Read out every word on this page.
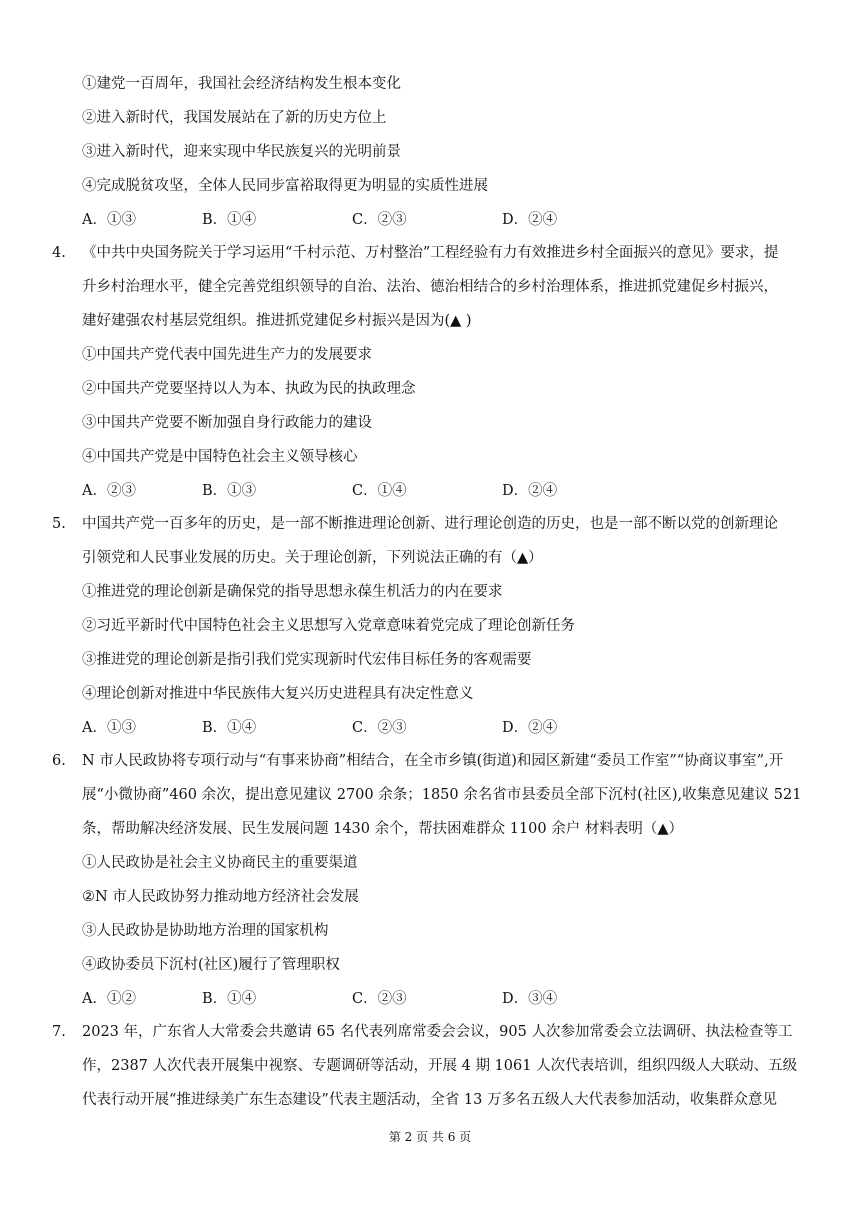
①建党一百周年，我国社会经济结构发生根本变化
②进入新时代，我国发展站在了新的历史方位上
③进入新时代，迎来实现中华民族复兴的光明前景
④完成脱贫攻坚，全体人民同步富裕取得更为明显的实质性进展
A．①③	B．①④	C．②③	D．②④
4. 《中共中央国务院关于学习运用“千村示范、万村整治”工程经验有力有效推进乡村全面振兴的意见》要求，提
升乡村治理水平，健全完善党组织领导的自治、法治、德治相结合的乡村治理体系，推进抓党建促乡村振兴，
建好建强农村基层党组织。推进抓党建促乡村振兴是因为(▲ )
①中国共产党代表中国先进生产力的发展要求
②中国共产党要坚持以人为本、执政为民的执政理念
③中国共产党要不断加强自身行政能力的建设
④中国共产党是中国特色社会主义领导核心
A．②③	B．①③	C．①④	D．②④
5. 中国共产党一百多年的历史，是一部不断推进理论创新、进行理论创造的历史，也是一部不断以党的创新理论
引领党和人民事业发展的历史。关于理论创新，下列说法正确的有（▲）
①推进党的理论创新是确保党的指导思想永葆生机活力的内在要求
②习近平新时代中国特色社会主义思想写入党章意味着党完成了理论创新任务
③推进党的理论创新是指引我们党实现新时代宏伟目标任务的客观需要
④理论创新对推进中华民族伟大复兴历史进程具有决定性意义
A．①③	B．①④	C．②③	D．②④
6. N 市人民政协将专项行动与“有事来协商”相结合，在全市乡镇(街道)和园区新建“委员工作室”“协商议事室”,开
展“小微协商”460 余次，提出意见建议 2700 余条；1850 余名省市县委员全部下沉村(社区),收集意见建议 521
条，帮助解决经济发展、民生发展问题 1430 余个，帮扶困难群众 1100 余户 材料表明（▲）
①人民政协是社会主义协商民主的重要渠道
②N 市人民政协努力推动地方经济社会发展
③人民政协是协助地方治理的国家机构
④政协委员下沉村(社区)履行了管理职权
A．①②	B．①④	C．②③	D．③④
7. 2023 年，广东省人大常委会共邀请 65 名代表列席常委会会议，905 人次参加常委会立法调研、执法检查等工
作，2387 人次代表开展集中视察、专题调研等活动，开展 4 期 1061 人次代表培训，组织四级人大联动、五级
代表行动开展“推进绿美广东生态建设”代表主题活动，全省 13 万多名五级人大代表参加活动，收集群众意见
第 2 页 共 6 页
